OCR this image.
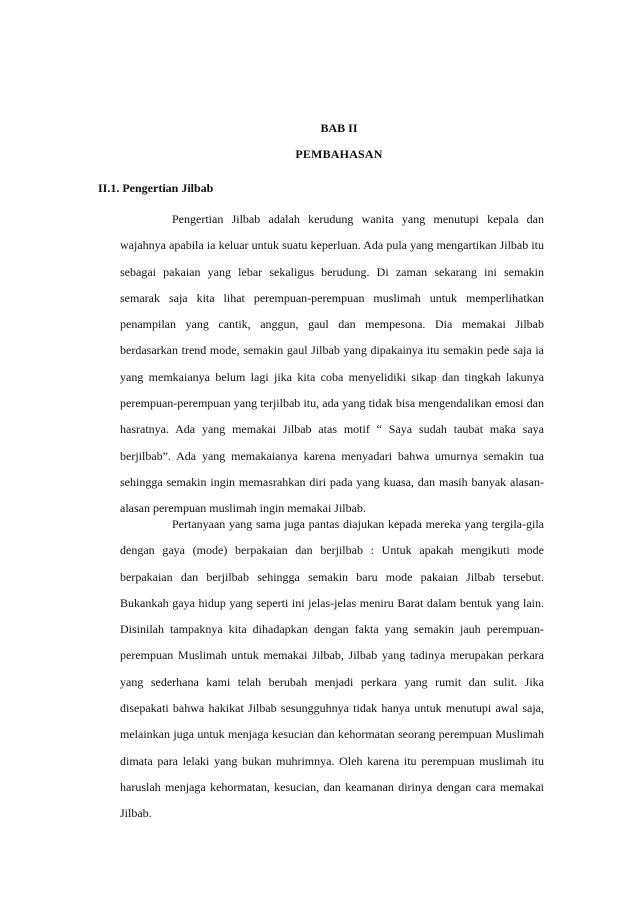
BAB II
PEMBAHASAN
II.1. Pengertian Jilbab

Pengertian Jilbab adalah kerudung wanita yang menutupi kepala dan wajahnya apabila ia keluar untuk suatu keperluan. Ada pula yang mengartikan Jilbab itu sebagai pakaian yang lebar sekaligus berudung. Di zaman sekarang ini semakin semarak saja kita lihat perempuan-perempuan muslimah untuk memperlihatkan penampilan yang cantik, anggun, gaul dan mempesona. Dia memakai Jilbab berdasarkan trend mode, semakin gaul Jilbab yang dipakainya itu semakin pede saja ia yang memkaianya belum lagi jika kita coba menyelidiki sikap dan tingkah lakunya perempuan-perempuan yang terjilbab itu, ada yang tidak bisa mengendalikan emosi dan hasratnya. Ada yang memakai Jilbab atas motif “ Saya sudah taubat maka saya berjilbab”. Ada yang memakaianya karena menyadari bahwa umurnya semakin tua sehingga semakin ingin memasrahkan diri pada yang kuasa, dan masih banyak alasan-alasan perempuan muslimah ingin memakai Jilbab.

Pertanyaan yang sama juga pantas diajukan kepada mereka yang tergila-gila dengan gaya (mode) berpakaian dan berjilbab : Untuk apakah mengikuti mode berpakaian dan berjilbab sehingga semakin baru mode pakaian Jilbab tersebut. Bukankah gaya hidup yang seperti ini jelas-jelas meniru Barat dalam bentuk yang lain. Disinilah tampaknya kita dihadapkan dengan fakta yang semakin jauh perempuan-perempuan Muslimah untuk memakai Jilbab, Jilbab yang tadinya merupakan perkara yang sederhana kami telah berubah menjadi perkara yang rumit dan sulit. Jika disepakati bahwa hakikat Jilbab sesungguhnya tidak hanya untuk menutupi awal saja, melainkan juga untuk menjaga kesucian dan kehormatan seorang perempuan Muslimah dimata para lelaki yang bukan muhrimnya. Oleh karena itu perempuan muslimah itu haruslah menjaga kehormatan, kesucian, dan keamanan dirinya dengan cara memakai Jilbab.
